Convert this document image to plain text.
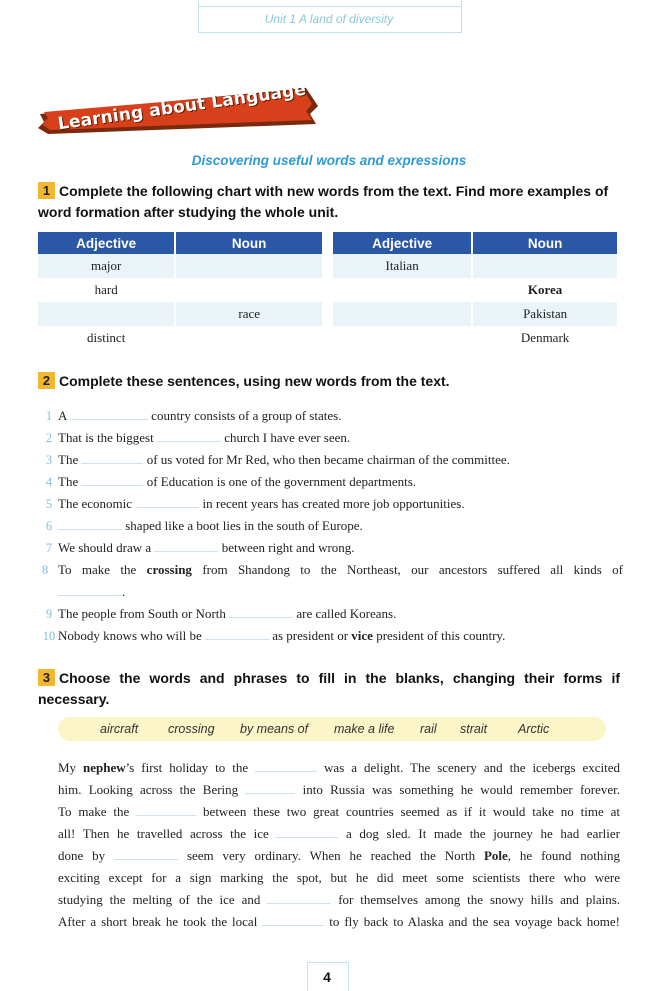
Unit 1 A land of diversity
Learning about Language
Discovering useful words and expressions
1 Complete the following chart with new words from the text. Find more examples of word formation after studying the whole unit.
Adjective	Noun
major	
hard	
	race
distinct	
Adjective	Noun
Italian	
	Korea
	Pakistan
	Denmark
2 Complete these sentences, using new words from the text.
1 A	country consists of a group of states.
2 That is the biggest	church I have ever seen.
3 The	of us voted for Mr Red, who then became chairman of the committee.
4 The	of Education is one of the government departments.
5 The economic	in recent years has created more job opportunities.
6	shaped like a boot lies in the south of Europe.
7 We should draw a	between right and wrong.
8 To make the crossing from Shandong to the Northeast, our ancestors suffered all kinds of
.
9 The people from South or North	are called Koreans.
10 Nobody knows who will be	as president or vice president of this country.
3 Choose the words and phrases to fill in the blanks, changing their forms if necessary.
aircraft crossing by means of make a life rail strait Arctic
My nephew’s first holiday to the	was a delight. The scenery and the icebergs excited
him. Looking across the Bering	into Russia was something he would remember forever.
To make the	between these two great countries seemed as if it would take no time at
all! Then he travelled across the ice	a dog sled. It made the journey he had earlier
done by	seem very ordinary. When he reached the North Pole, he found nothing
exciting except for a sign marking the spot, but he did meet some scientists there who were
studying the melting of the ice and	for themselves among the snowy hills and plains.
After a short break he took the local	to fly back to Alaska and the sea voyage back home!
4
